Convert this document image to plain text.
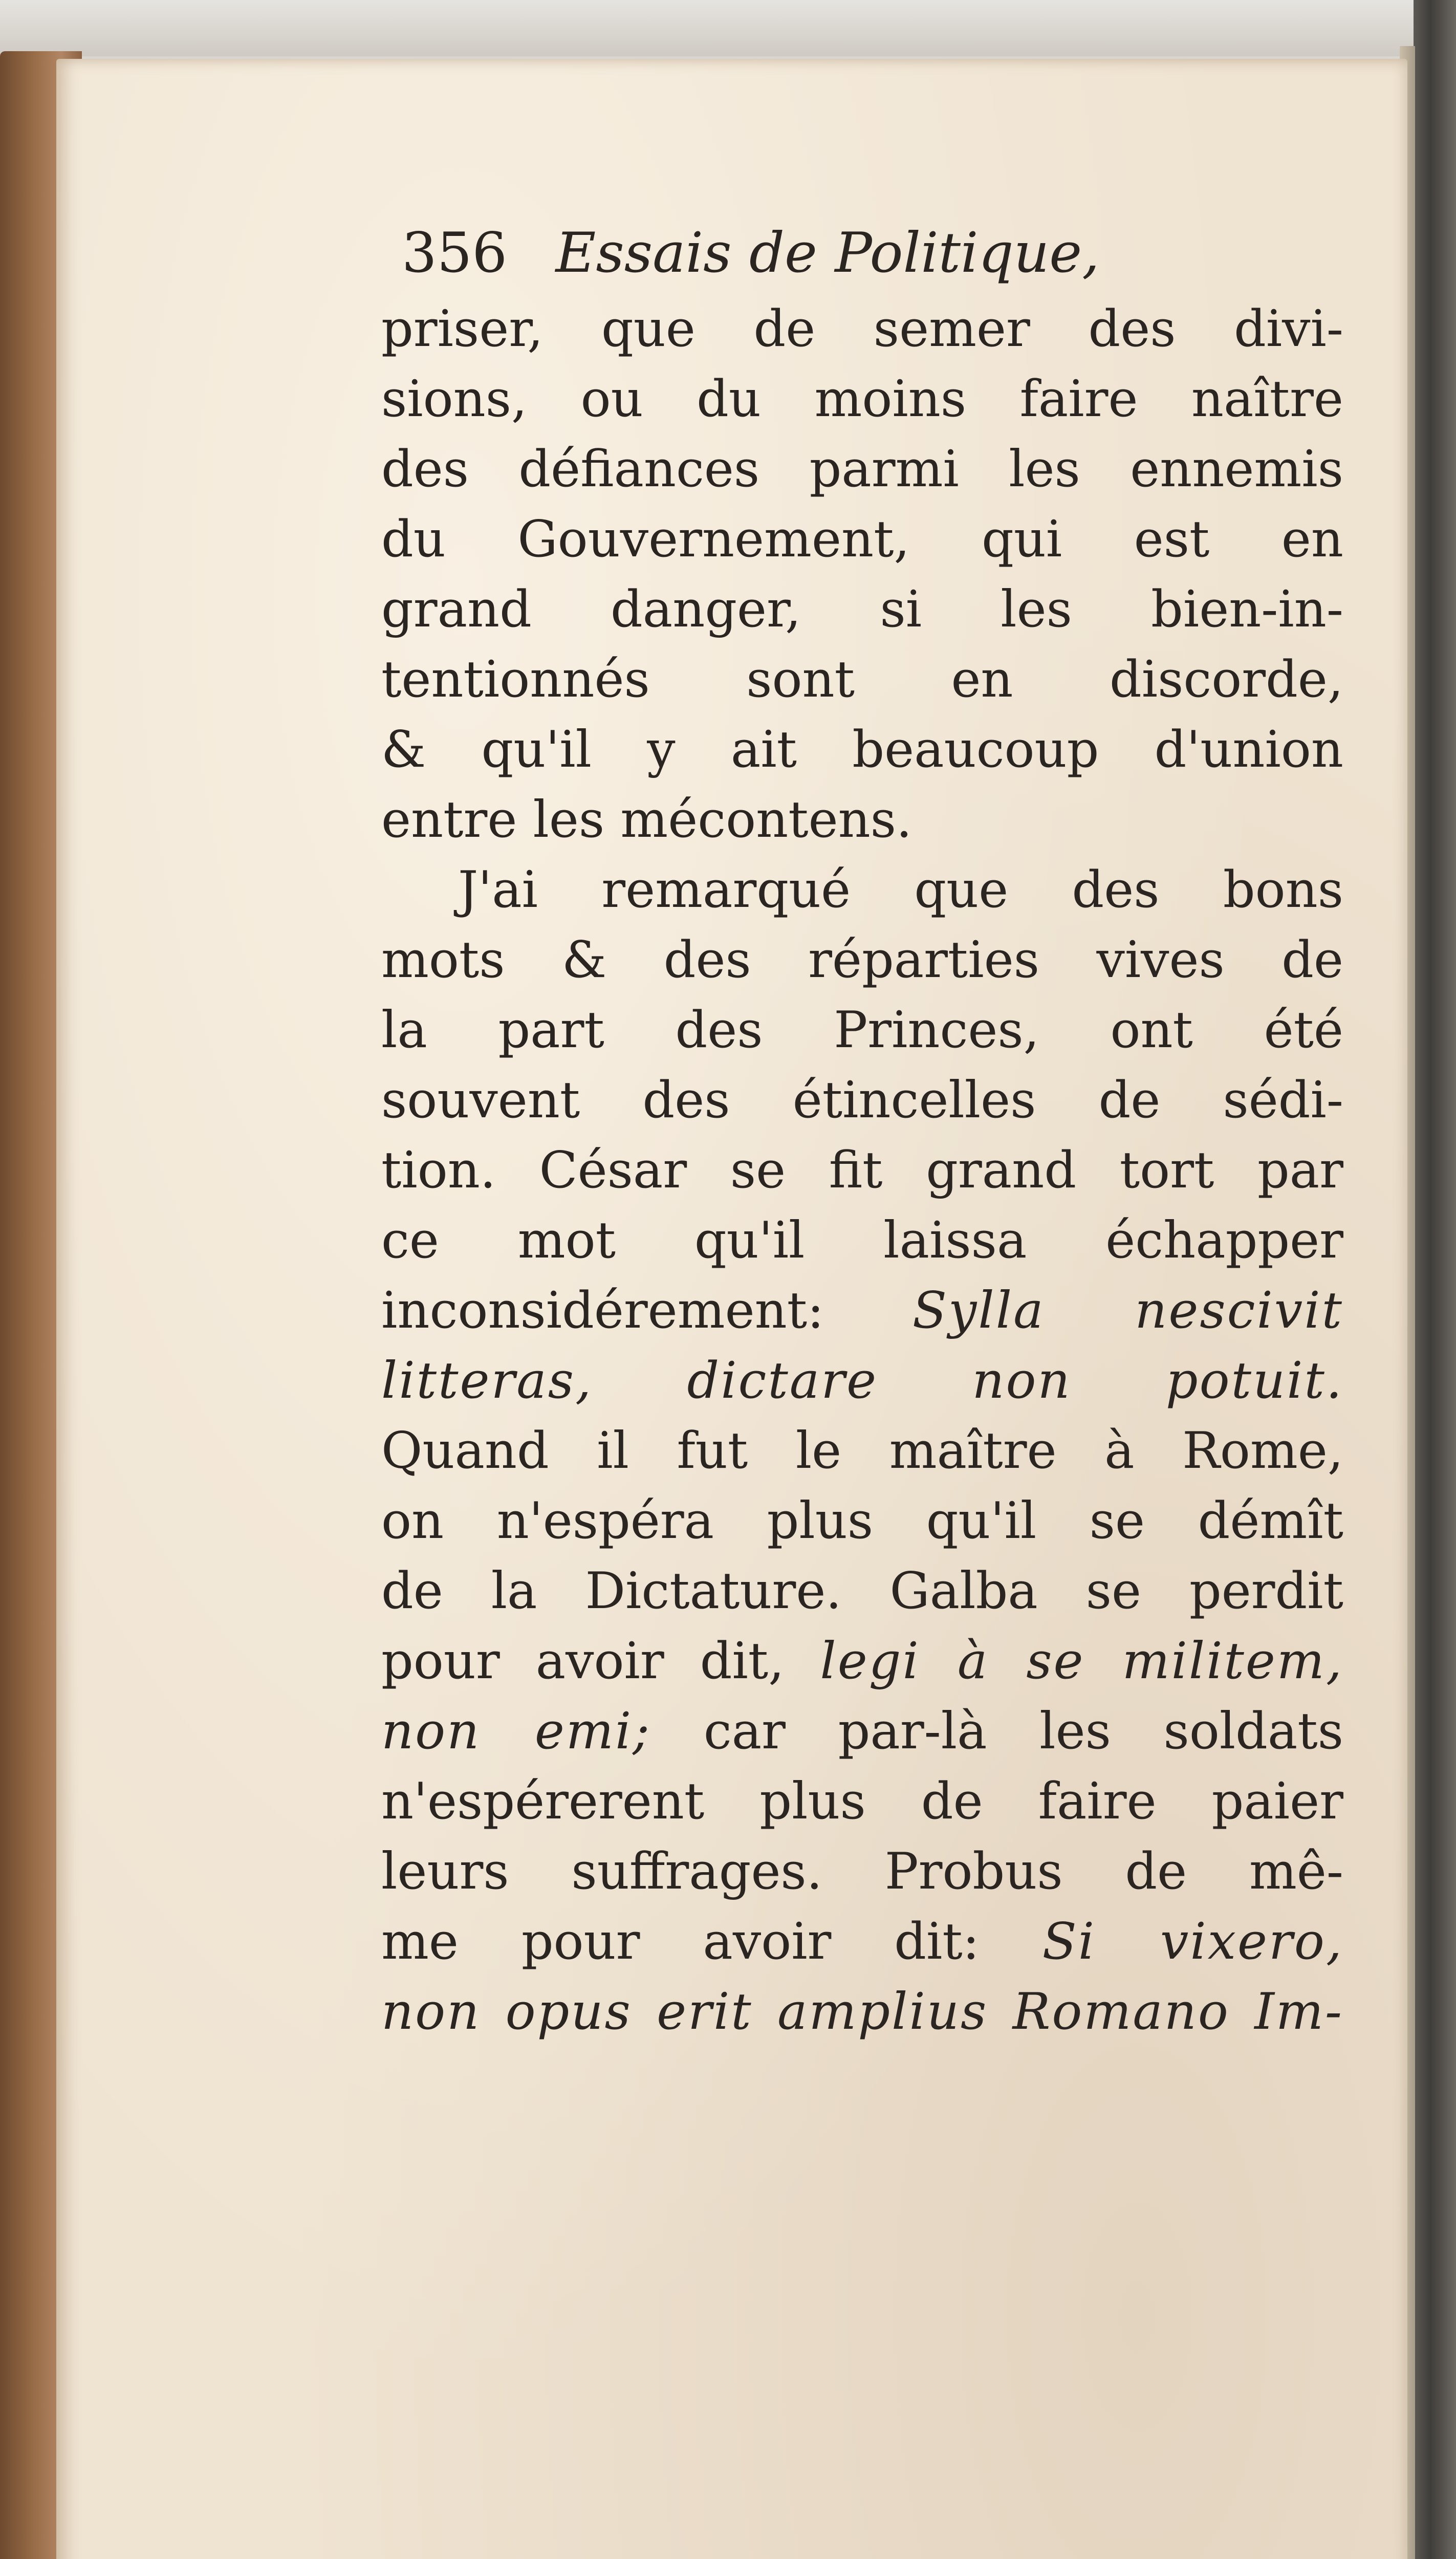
356 Essais de Politique,
priser, que de semer des divi-
sions, ou du moins faire naître
des défiances parmi les ennemis
du Gouvernement, qui est en
grand danger, si les bien-in-
tentionnés sont en discorde,
& qu'il y ait beaucoup d'union
entre les mécontens.
J'ai remarqué que des bons
mots & des réparties vives de
la part des Princes, ont été
souvent des étincelles de sédi-
tion. César se fit grand tort par
ce mot qu'il laissa échapper
inconsidérement: Sylla nescivit
litteras, dictare non potuit.
Quand il fut le maître à Rome,
on n'espéra plus qu'il se démît
de la Dictature. Galba se perdit
pour avoir dit, legi à se militem,
non emi; car par-là les soldats
n'espérerent plus de faire paier
leurs suffrages. Probus de mê-
me pour avoir dit: Si vixero,
non opus erit amplius Romano Im-
